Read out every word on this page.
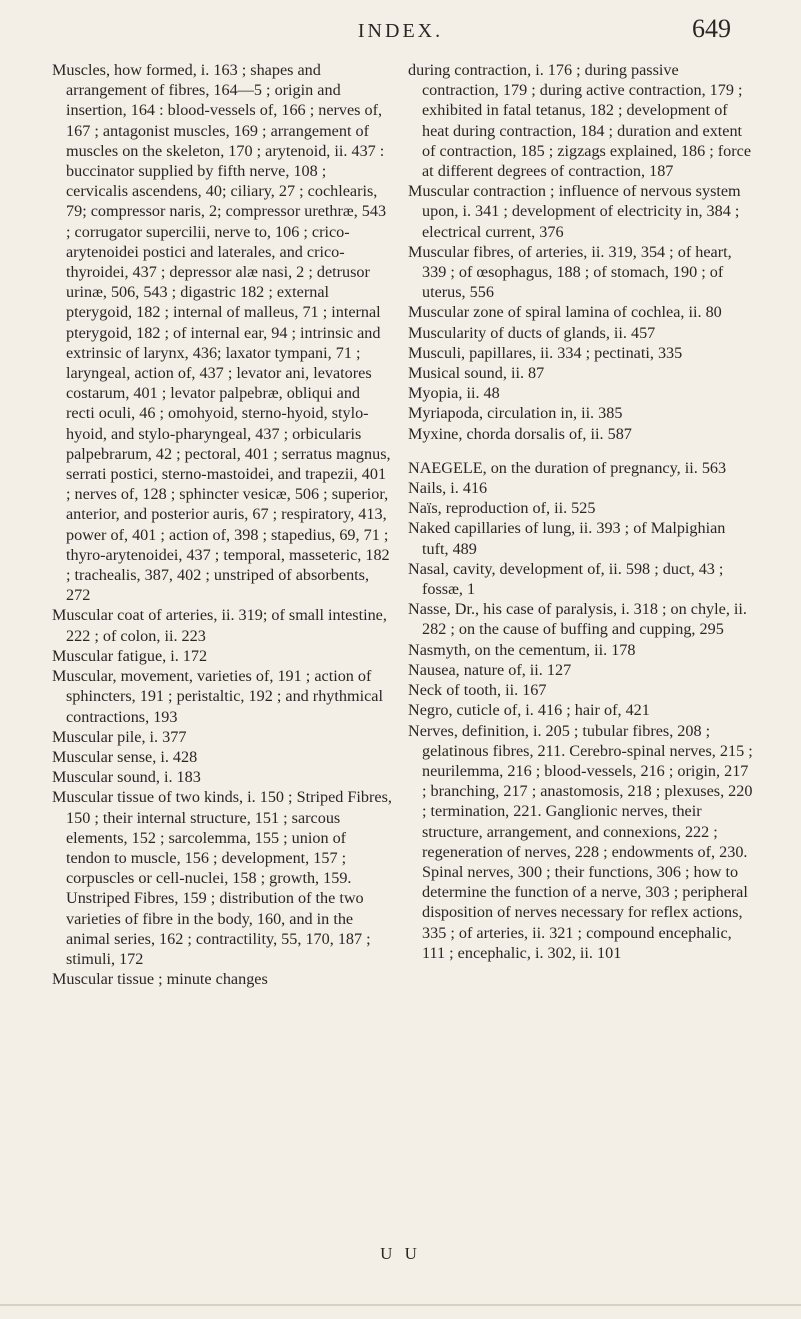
INDEX.	649

Muscles, how formed, i. 163 ; shapes and arrangement of fibres, 164—5 ; origin and insertion, 164 : blood-vessels of, 166 ; nerves of, 167 ; antagonist muscles, 169 ; arrangement of muscles on the skeleton, 170 ; arytenoid, ii. 437 : buccinator supplied by fifth nerve, 108 ; cervicalis ascendens, 40; ciliary, 27 ; cochlearis, 79; compressor naris, 2; compressor urethræ, 543 ; corrugator supercilii, nerve to, 106 ; crico-arytenoidei postici and laterales, and crico-thyroidei, 437 ; depressor alæ nasi, 2 ; detrusor urinæ, 506, 543 ; digastric 182 ; external pterygoid, 182 ; internal of malleus, 71 ; internal pterygoid, 182 ; of internal ear, 94 ; intrinsic and extrinsic of larynx, 436; laxator tympani, 71 ; laryngeal, action of, 437 ; levator ani, levatores costarum, 401 ; levator palpebræ, obliqui and recti oculi, 46 ; omohyoid, sterno-hyoid, stylo-hyoid, and stylo-pharyngeal, 437 ; orbicularis palpebrarum, 42 ; pectoral, 401 ; serratus magnus, serrati postici, sterno-mastoidei, and trapezii, 401 ; nerves of, 128 ; sphincter vesicæ, 506 ; superior, anterior, and posterior auris, 67 ; respiratory, 413, power of, 401 ; action of, 398 ; stapedius, 69, 71 ; thyro-arytenoidei, 437 ; temporal, masseteric, 182 ; trachealis, 387, 402 ; unstriped of absorbents, 272

Muscular coat of arteries, ii. 319; of small intestine, 222 ; of colon, ii. 223

Muscular fatigue, i. 172

Muscular, movement, varieties of, 191 ; action of sphincters, 191 ; peristaltic, 192 ; and rhythmical contractions, 193

Muscular pile, i. 377

Muscular sense, i. 428

Muscular sound, i. 183

Muscular tissue of two kinds, i. 150 ; Striped Fibres, 150 ; their internal structure, 151 ; sarcous elements, 152 ; sarcolemma, 155 ; union of tendon to muscle, 156 ; development, 157 ; corpuscles or cell-nuclei, 158 ; growth, 159. Unstriped Fibres, 159 ; distribution of the two varieties of fibre in the body, 160, and in the animal series, 162 ; contractility, 55, 170, 187 ; stimuli, 172

Muscular tissue ; minute changes

during contraction, i. 176 ; during passive contraction, 179 ; during active contraction, 179 ; exhibited in fatal tetanus, 182 ; development of heat during contraction, 184 ; duration and extent of contraction, 185 ; zigzags explained, 186 ; force at different degrees of contraction, 187

Muscular contraction ; influence of nervous system upon, i. 341 ; development of electricity in, 384 ; electrical current, 376

Muscular fibres, of arteries, ii. 319, 354 ; of heart, 339 ; of œsophagus, 188 ; of stomach, 190 ; of uterus, 556

Muscular zone of spiral lamina of cochlea, ii. 80

Muscularity of ducts of glands, ii. 457

Musculi, papillares, ii. 334 ; pectinati, 335

Musical sound, ii. 87

Myopia, ii. 48

Myriapoda, circulation in, ii. 385

Myxine, chorda dorsalis of, ii. 587

NAEGELE, on the duration of pregnancy, ii. 563

Nails, i. 416

Naïs, reproduction of, ii. 525

Naked capillaries of lung, ii. 393 ; of Malpighian tuft, 489

Nasal, cavity, development of, ii. 598 ; duct, 43 ; fossæ, 1

Nasse, Dr., his case of paralysis, i. 318 ; on chyle, ii. 282 ; on the cause of buffing and cupping, 295

Nasmyth, on the cementum, ii. 178

Nausea, nature of, ii. 127

Neck of tooth, ii. 167

Negro, cuticle of, i. 416 ; hair of, 421

Nerves, definition, i. 205 ; tubular fibres, 208 ; gelatinous fibres, 211. Cerebro-spinal nerves, 215 ; neurilemma, 216 ; blood-vessels, 216 ; origin, 217 ; branching, 217 ; anastomosis, 218 ; plexuses, 220 ; termination, 221. Ganglionic nerves, their structure, arrangement, and connexions, 222 ; regeneration of nerves, 228 ; endowments of, 230. Spinal nerves, 300 ; their functions, 306 ; how to determine the function of a nerve, 303 ; peripheral disposition of nerves necessary for reflex actions, 335 ; of arteries, ii. 321 ; compound encephalic, 111 ; encephalic, i. 302, ii. 101

U U
